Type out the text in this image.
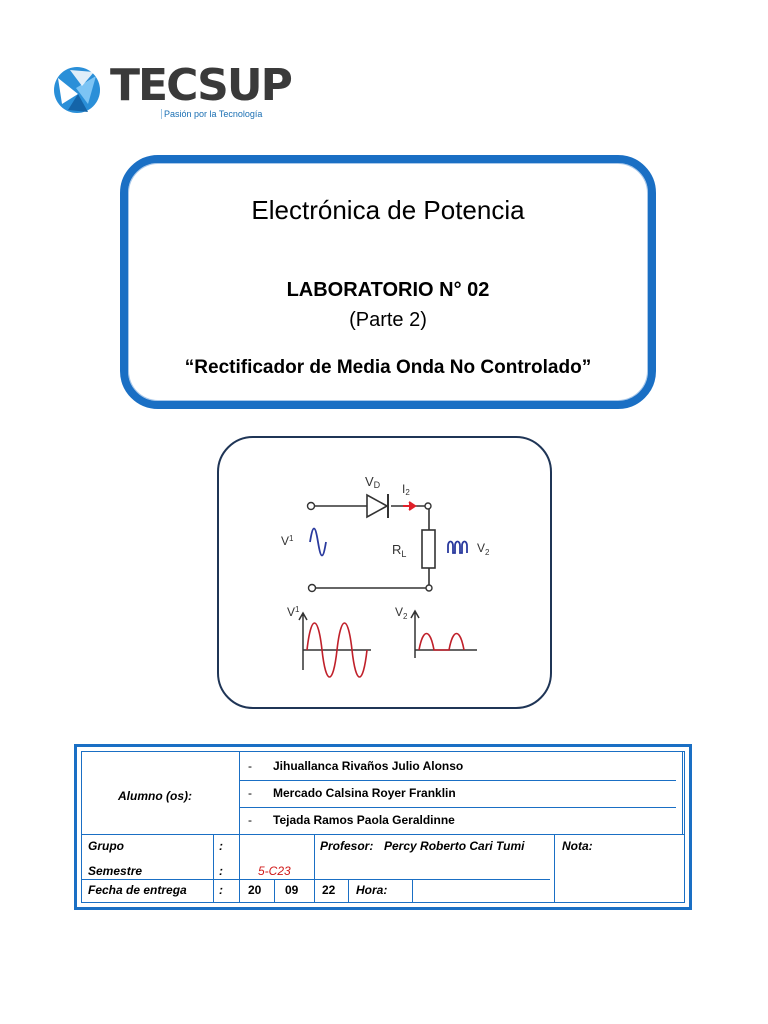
TECSUP
Pasión por la Tecnología
Electrónica de Potencia
LABORATORIO N° 02
(Parte 2)
“Rectificador de Media Onda No Controlado”
VD I2
$V^1$
$R_L$	$V_2$
$V^1$	$V_2$
Alumno (os):
- Jihuallanca Rivaños Julio Alonso
- Mercado Calsina Royer Franklin
- Tejada Ramos Paola Geraldinne
Grupo	:	Profesor: Percy Roberto Cari Tumi	Nota:
Semestre	:	5-C23
Fecha de entrega	: 20 09 22 Hora:
